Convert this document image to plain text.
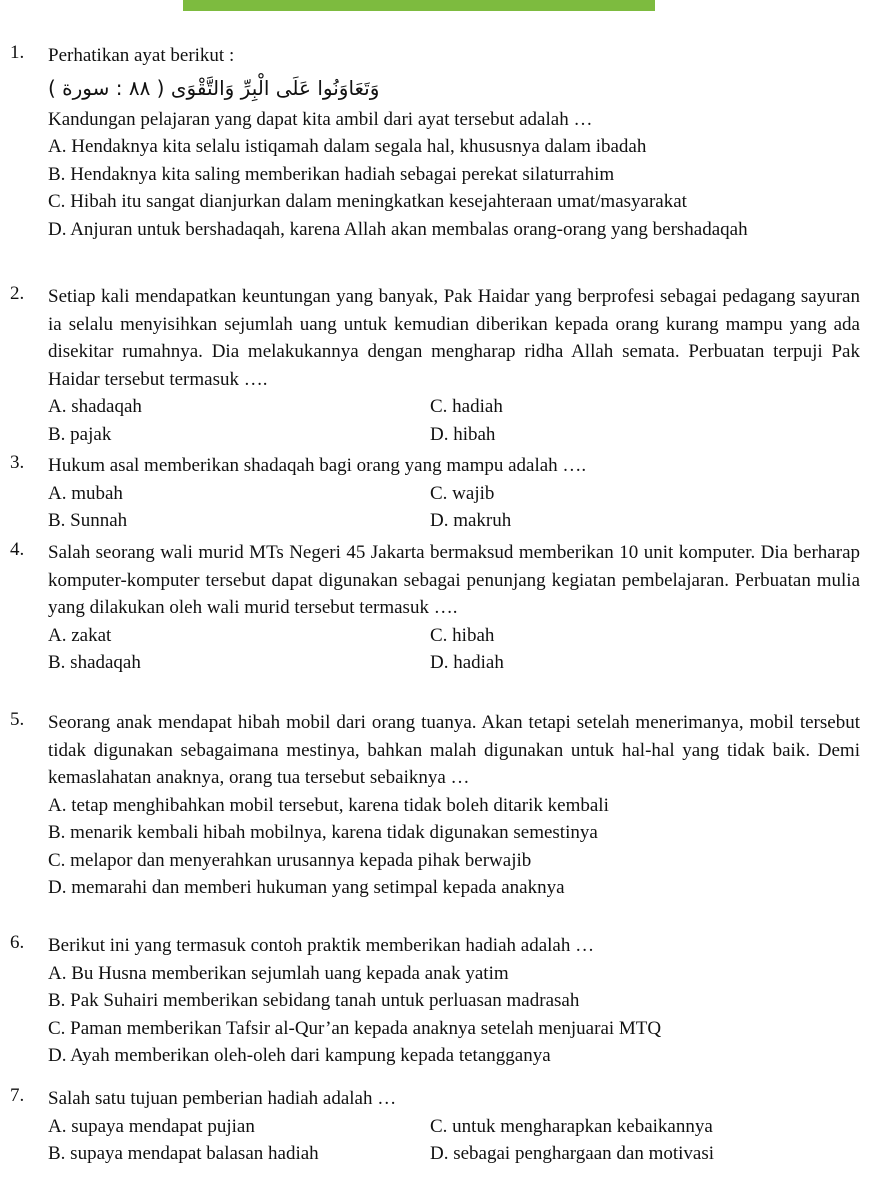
1. Perhatikan ayat berikut :
وَتَعَاوَنُوا عَلَى الْبِرِّ وَالتَّقْوَى ( ٨٨ : سورة )
Kandungan pelajaran yang dapat kita ambil dari ayat tersebut adalah …
A. Hendaknya kita selalu istiqamah dalam segala hal, khususnya dalam ibadah
B. Hendaknya kita saling memberikan hadiah sebagai perekat silaturrahim
C. Hibah itu sangat dianjurkan dalam meningkatkan kesejahteraan umat/masyarakat
D. Anjuran untuk bershadaqah, karena Allah akan membalas orang-orang yang bershadaqah
2. Setiap kali mendapatkan keuntungan yang banyak, Pak Haidar yang berprofesi sebagai pedagang sayuran ia selalu menyisihkan sejumlah uang untuk kemudian diberikan kepada orang kurang mampu yang ada disekitar rumahnya. Dia melakukannya dengan mengharap ridha Allah semata. Perbuatan terpuji Pak Haidar tersebut termasuk ….
A. shadaqah	C. hadiah
B. pajak	D. hibah
3. Hukum asal memberikan shadaqah bagi orang yang mampu adalah ….
A. mubah	C. wajib
B. Sunnah	D. makruh
4. Salah seorang wali murid MTs Negeri 45 Jakarta bermaksud memberikan 10 unit komputer. Dia berharap komputer-komputer tersebut dapat digunakan sebagai penunjang kegiatan pembelajaran. Perbuatan mulia yang dilakukan oleh wali murid tersebut termasuk ….
A. zakat	C. hibah
B. shadaqah	D. hadiah
5. Seorang anak mendapat hibah mobil dari orang tuanya. Akan tetapi setelah menerimanya, mobil tersebut tidak digunakan sebagaimana mestinya, bahkan malah digunakan untuk hal-hal yang tidak baik. Demi kemaslahatan anaknya, orang tua tersebut sebaiknya …
A. tetap menghibahkan mobil tersebut, karena tidak boleh ditarik kembali
B. menarik kembali hibah mobilnya, karena tidak digunakan semestinya
C. melapor dan menyerahkan urusannya kepada pihak berwajib
D. memarahi dan memberi hukuman yang setimpal kepada anaknya
6. Berikut ini yang termasuk contoh praktik memberikan hadiah adalah …
A. Bu Husna memberikan sejumlah uang kepada anak yatim
B. Pak Suhairi memberikan sebidang tanah untuk perluasan madrasah
C. Paman memberikan Tafsir al-Qur’an kepada anaknya setelah menjuarai MTQ
D. Ayah memberikan oleh-oleh dari kampung kepada tetangganya
7. Salah satu tujuan pemberian hadiah adalah …
A. supaya mendapat pujian	C. untuk mengharapkan kebaikannya
B. supaya mendapat balasan hadiah	D. sebagai penghargaan dan motivasi
